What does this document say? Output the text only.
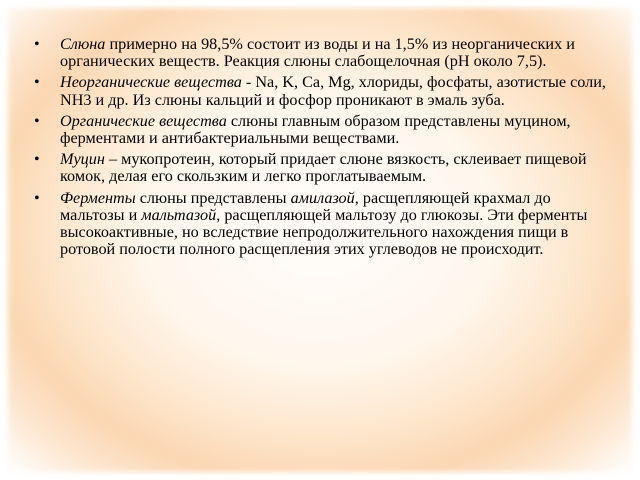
• Слюна примерно на 98,5% состоит из воды и на 1,5% из неорганических и органических веществ. Реакция слюны слабощелочная (рН около 7,5).
• Неорганические вещества - Na, K, Ca, Mg, хлориды, фосфаты, азотистые соли, NH3 и др. Из слюны кальций и фосфор проникают в эмаль зуба.
• Органические вещества слюны главным образом представлены муцином, ферментами и антибактериальными веществами.
• Муцин – мукопротеин, который придает слюне вязкость, склеивает пищевой комок, делая его скользким и легко проглатываемым.
• Ферменты слюны представлены амилазой, расщепляющей крахмал до мальтозы и мальтазой, расщепляющей мальтозу до глюкозы. Эти ферменты высокоактивные, но вследствие непродолжительного нахождения пищи в ротовой полости полного расщепления этих углеводов не происходит.
